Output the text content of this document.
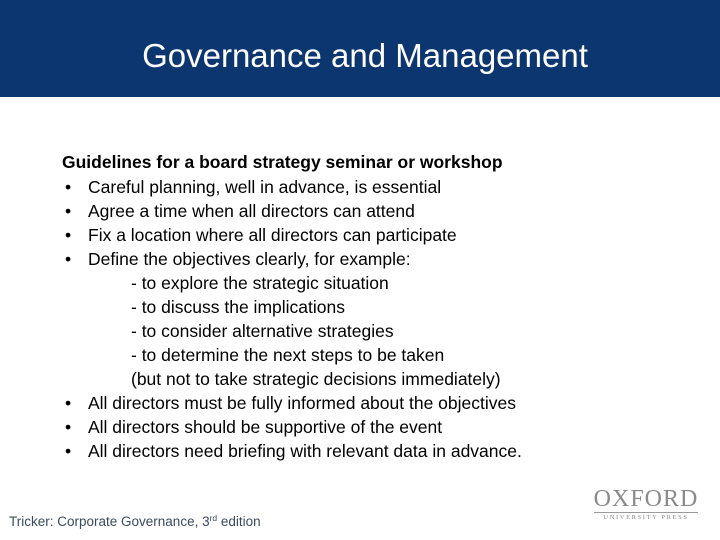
Governance and Management
Guidelines for a board strategy seminar or workshop
• Careful planning, well in advance, is essential
• Agree a time when all directors can attend
• Fix a location where all directors can participate
• Define the objectives clearly, for example:
- to explore the strategic situation
- to discuss the implications
- to consider alternative strategies
- to determine the next steps to be taken
(but not to take strategic decisions immediately)
• All directors must be fully informed about the objectives
• All directors should be supportive of the event
• All directors need briefing with relevant data in advance.
Tricker: Corporate Governance, 3rd edition
OXFORD
UNIVERSITY PRESS
